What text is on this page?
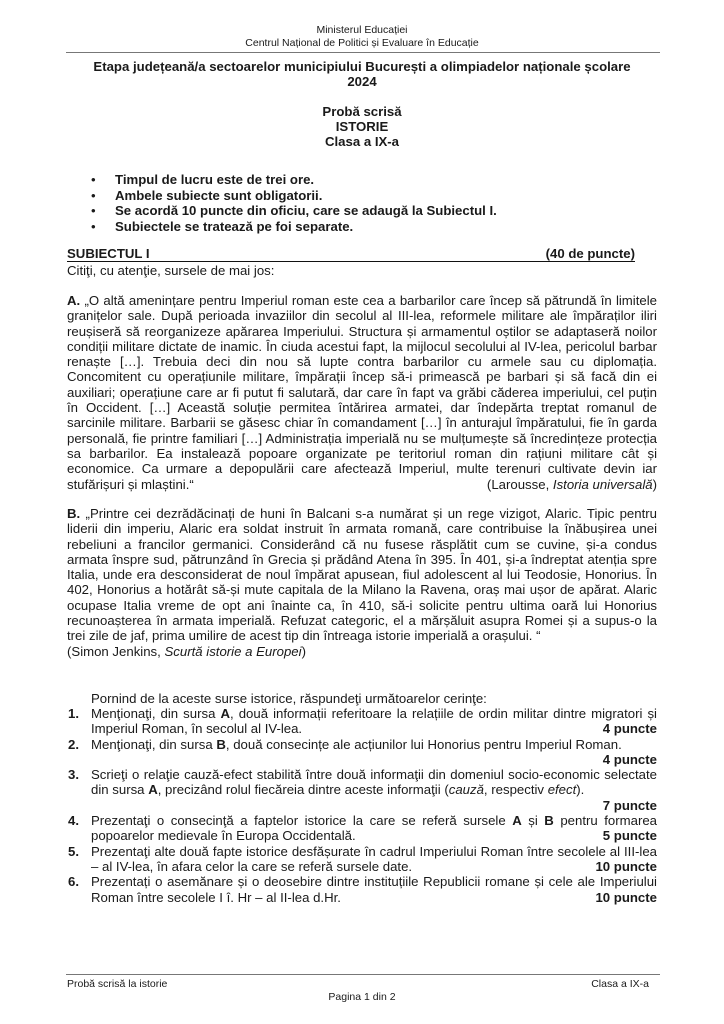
Ministerul Educației
Centrul Național de Politici și Evaluare în Educație
Etapa județeană/a sectoarelor municipiului București a olimpiadelor naționale școlare
2024
Probă scrisă
ISTORIE
Clasa a IX-a
• Timpul de lucru este de trei ore.
• Ambele subiecte sunt obligatorii.
• Se acordă 10 puncte din oficiu, care se adaugă la Subiectul I.
• Subiectele se tratează pe foi separate.
SUBIECTUL I	(40 de puncte)
Citiţi, cu atenţie, sursele de mai jos:
A. „O altă amenințare pentru Imperiul roman este cea a barbarilor care încep să pătrundă în limitele granițelor sale. După perioada invaziilor din secolul al III-lea, reformele militare ale împăraților iliri reușiseră să reorganizeze apărarea Imperiului. Structura și armamentul oștilor se adaptaseră noilor condiții militare dictate de inamic. În ciuda acestui fapt, la mijlocul secolului al IV-lea, pericolul barbar renaște […]. Trebuia deci din nou să lupte contra barbarilor cu armele sau cu diplomația. Concomitent cu operațiunile militare, împărații încep să-i primească pe barbari și să facă din ei auxiliari; operațiune care ar fi putut fi salutară, dar care în fapt va grăbi căderea imperiului, cel puțin în Occident. […] Această soluție permitea întărirea armatei, dar îndepărta treptat romanul de sarcinile militare. Barbarii se găsesc chiar în comandament […] în anturajul împăratului, fie în garda personală, fie printre familiari […] Administrația imperială nu se mulțumește să încredințeze protecția sa barbarilor. Ea instalează popoare organizate pe teritoriul roman din rațiuni militare cât și economice. Ca urmare a depopulării care afectează Imperiul, multe terenuri cultivate devin iar stufărișuri și mlaștini.“	(Larousse, Istoria universală)
B. „Printre cei dezrădăcinați de huni în Balcani s-a numărat și un rege vizigot, Alaric. Tipic pentru liderii din imperiu, Alaric era soldat instruit în armata romană, care contribuise la înăbușirea unei rebeliuni a francilor germanici. Considerând că nu fusese răsplătit cum se cuvine, și-a condus armata înspre sud, pătrunzând în Grecia și prădând Atena în 395. În 401, și-a îndreptat atenția spre Italia, unde era desconsiderat de noul împărat apusean, fiul adolescent al lui Teodosie, Honorius. În 402, Honorius a hotărât să-și mute capitala de la Milano la Ravena, oraș mai ușor de apărat. Alaric ocupase Italia vreme de opt ani înainte ca, în 410, să-i solicite pentru ultima oară lui Honorius recunoașterea în armata imperială. Refuzat categoric, el a mărșăluit asupra Romei și a supus-o la trei zile de jaf, prima umilire de acest tip din întreaga istorie imperială a orașului. “
(Simon Jenkins, Scurtă istorie a Europei)
Pornind de la aceste surse istorice, răspundeţi următoarelor cerinţe:
1. Menţionaţi, din sursa A, două informații referitoare la relațiile de ordin militar dintre migratori și Imperiul Roman, în secolul al IV-lea.	4 puncte
2. Menţionaţi, din sursa B, două consecințe ale acțiunilor lui Honorius pentru Imperiul Roman.
4 puncte
3. Scrieţi o relaţie cauză-efect stabilită între două informaţii din domeniul socio-economic selectate din sursa A, precizând rolul fiecăreia dintre aceste informaţii (cauză, respectiv efect).
7 puncte
4. Prezentaţi o consecinţă a faptelor istorice la care se referă sursele A și B pentru formarea popoarelor medievale în Europa Occidentală.	5 puncte
5. Prezentaţi alte două fapte istorice desfășurate în cadrul Imperiului Roman între secolele al III-lea – al IV-lea, în afara celor la care se referă sursele date.	10 puncte
6. Prezentați o asemănare și o deosebire dintre instituțiile Republicii romane și cele ale Imperiului Roman între secolele I î. Hr – al II-lea d.Hr.	10 puncte
Probă scrisă la istorie	Clasa a IX-a
Pagina 1 din 2
